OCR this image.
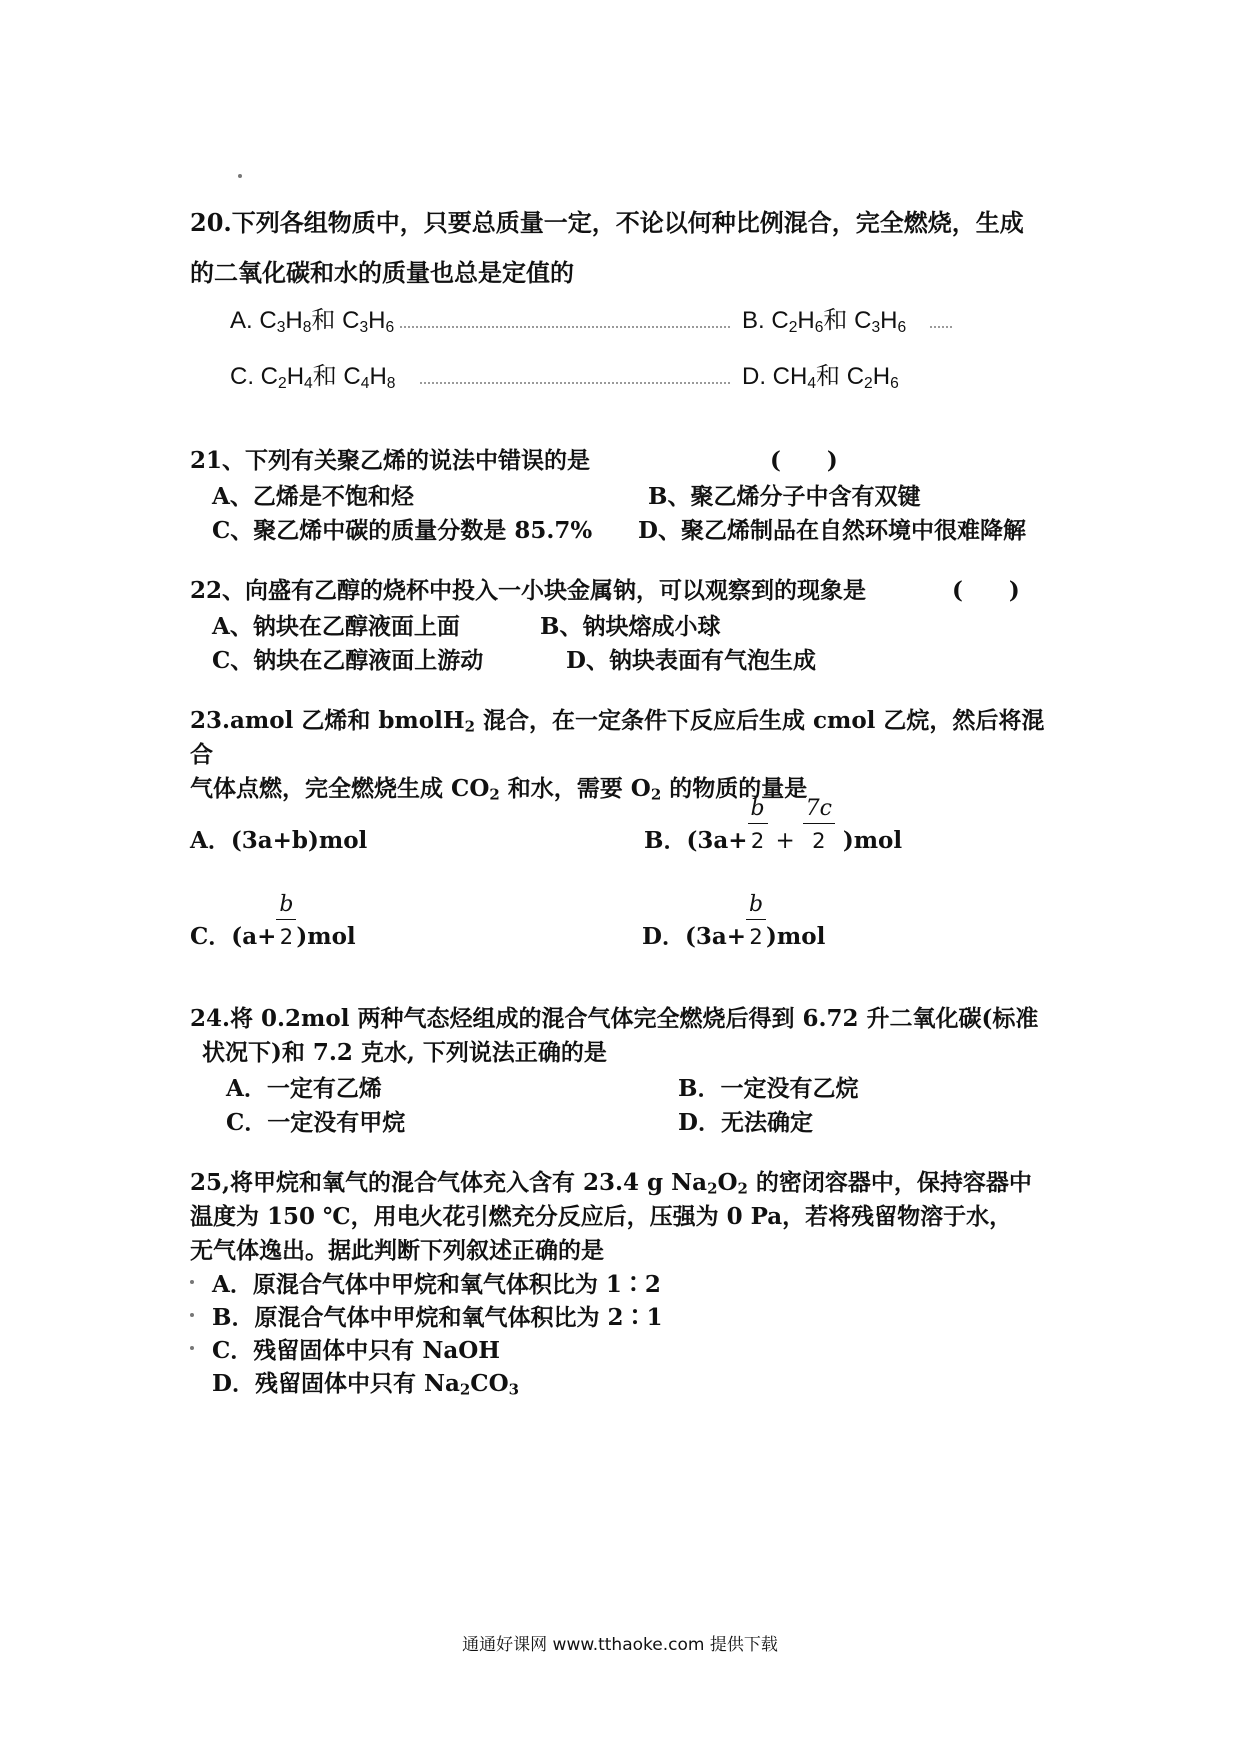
20.下列各组物质中，只要总质量一定，不论以何种比例混合，完全燃烧，生成

的二氧化碳和水的质量也总是定值的

A. $C_3H_8$和 $C_3H_6$	B. $C_2H_6$和 $C_3H_6$
C. $C_2H_4$和 $C_4H_8$	D. $CH_4$和 $C_2H_6$

21、下列有关聚乙烯的说法中错误的是	(　　)

A、乙烯是不饱和烃	B、聚乙烯分子中含有双键
C、聚乙烯中碳的质量分数是 85.7% D、聚乙烯制品在自然环境中很难降解

22、向盛有乙醇的烧杯中投入一小块金属钠，可以观察到的现象是	(　　)

A、钠块在乙醇液面上面	B、钠块熔成小球
C、钠块在乙醇液面上游动	D、钠块表面有气泡生成

23.amol 乙烯和 bmolH$_2$ 混合，在一定条件下反应后生成 cmol 乙烷，然后将混合

气体点燃，完全燃烧生成 $CO_2$ 和水，需要 $O_2$ 的物质的量是

A．(3a+b)mol	B．$(3a+ \frac{b}{2} + \frac{7c}{2} )mol$
C．$(a+ \frac{b}{2})mol$	D．$(3a+ \frac{b}{2})mol$

24.将 0.2mol 两种气态烃组成的混合气体完全燃烧后得到 6.72 升二氧化碳(标准

状况下)和 7.2 克水, 下列说法正确的是

A．一定有乙烯	B．一定没有乙烷
C．一定没有甲烷	D．无法确定

25,将甲烷和氧气的混合气体充入含有 23.4 g $Na_2O_2$ 的密闭容器中，保持容器中

温度为 150 ℃，用电火花引燃充分反应后，压强为 0 Pa，若将残留物溶于水，

无气体逸出。据此判断下列叙述正确的是

A．原混合气体中甲烷和氧气体积比为 1∶2
B．原混合气体中甲烷和氧气体积比为 2∶1
C．残留固体中只有 NaOH
D．残留固体中只有 $Na_2CO_3$
通通好课网 www.tthaoke.com 提供下载
